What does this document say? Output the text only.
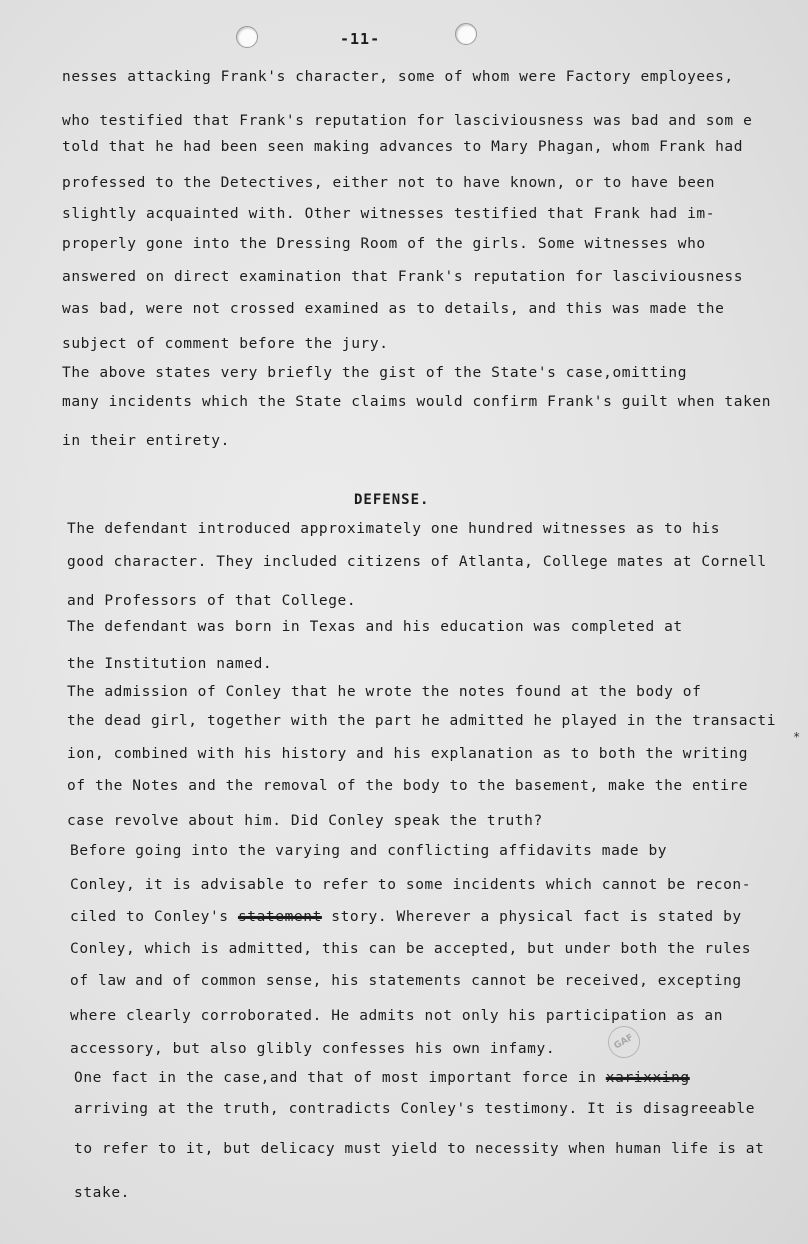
-11-
nesses attacking Frank's character, some of whom were Factory employees,
who testified that Frank's reputation for lasciviousness was bad and som e
told that he had been seen making advances to Mary Phagan, whom Frank had
professed to the Detectives, either not to have known, or to have been
slightly acquainted with. Other witnesses testified that Frank had im-
properly gone into the Dressing Room of the girls. Some witnesses who
answered on direct examination that Frank's reputation for lasciviousness
was bad, were not crossed examined as to details, and this was made the
subject of comment before the jury.
The above states very briefly the gist of the State's case,omitting
many incidents which the State claims would confirm Frank's guilt when taken
in their entirety.
DEFENSE.
The defendant introduced approximately one hundred witnesses as to his
good character. They included citizens of Atlanta, College mates at Cornell
and Professors of that College.
The defendant was born in Texas and his education was completed at
the Institution named.
The admission of Conley that he wrote the notes found at the body of
the dead girl, together with the part he admitted he played in the transacti
*
ion, combined with his history and his explanation as to both the writing
of the Notes and the removal of the body to the basement, make the entire
case revolve about him. Did Conley speak the truth?
Before going into the varying and conflicting affidavits made by
Conley, it is advisable to refer to some incidents which cannot be recon-
ciled to Conley's statement story. Wherever a physical fact is stated by
Conley, which is admitted, this can be accepted, but under both the rules
of law and of common sense, his statements cannot be received, excepting
where clearly corroborated. He admits not only his participation as an
accessory, but also glibly confesses his own infamy.	GAF
One fact in the case,and that of most important force in xarixxing
arriving at the truth, contradicts Conley's testimony. It is disagreeable
to refer to it, but delicacy must yield to necessity when human life is at
stake.
